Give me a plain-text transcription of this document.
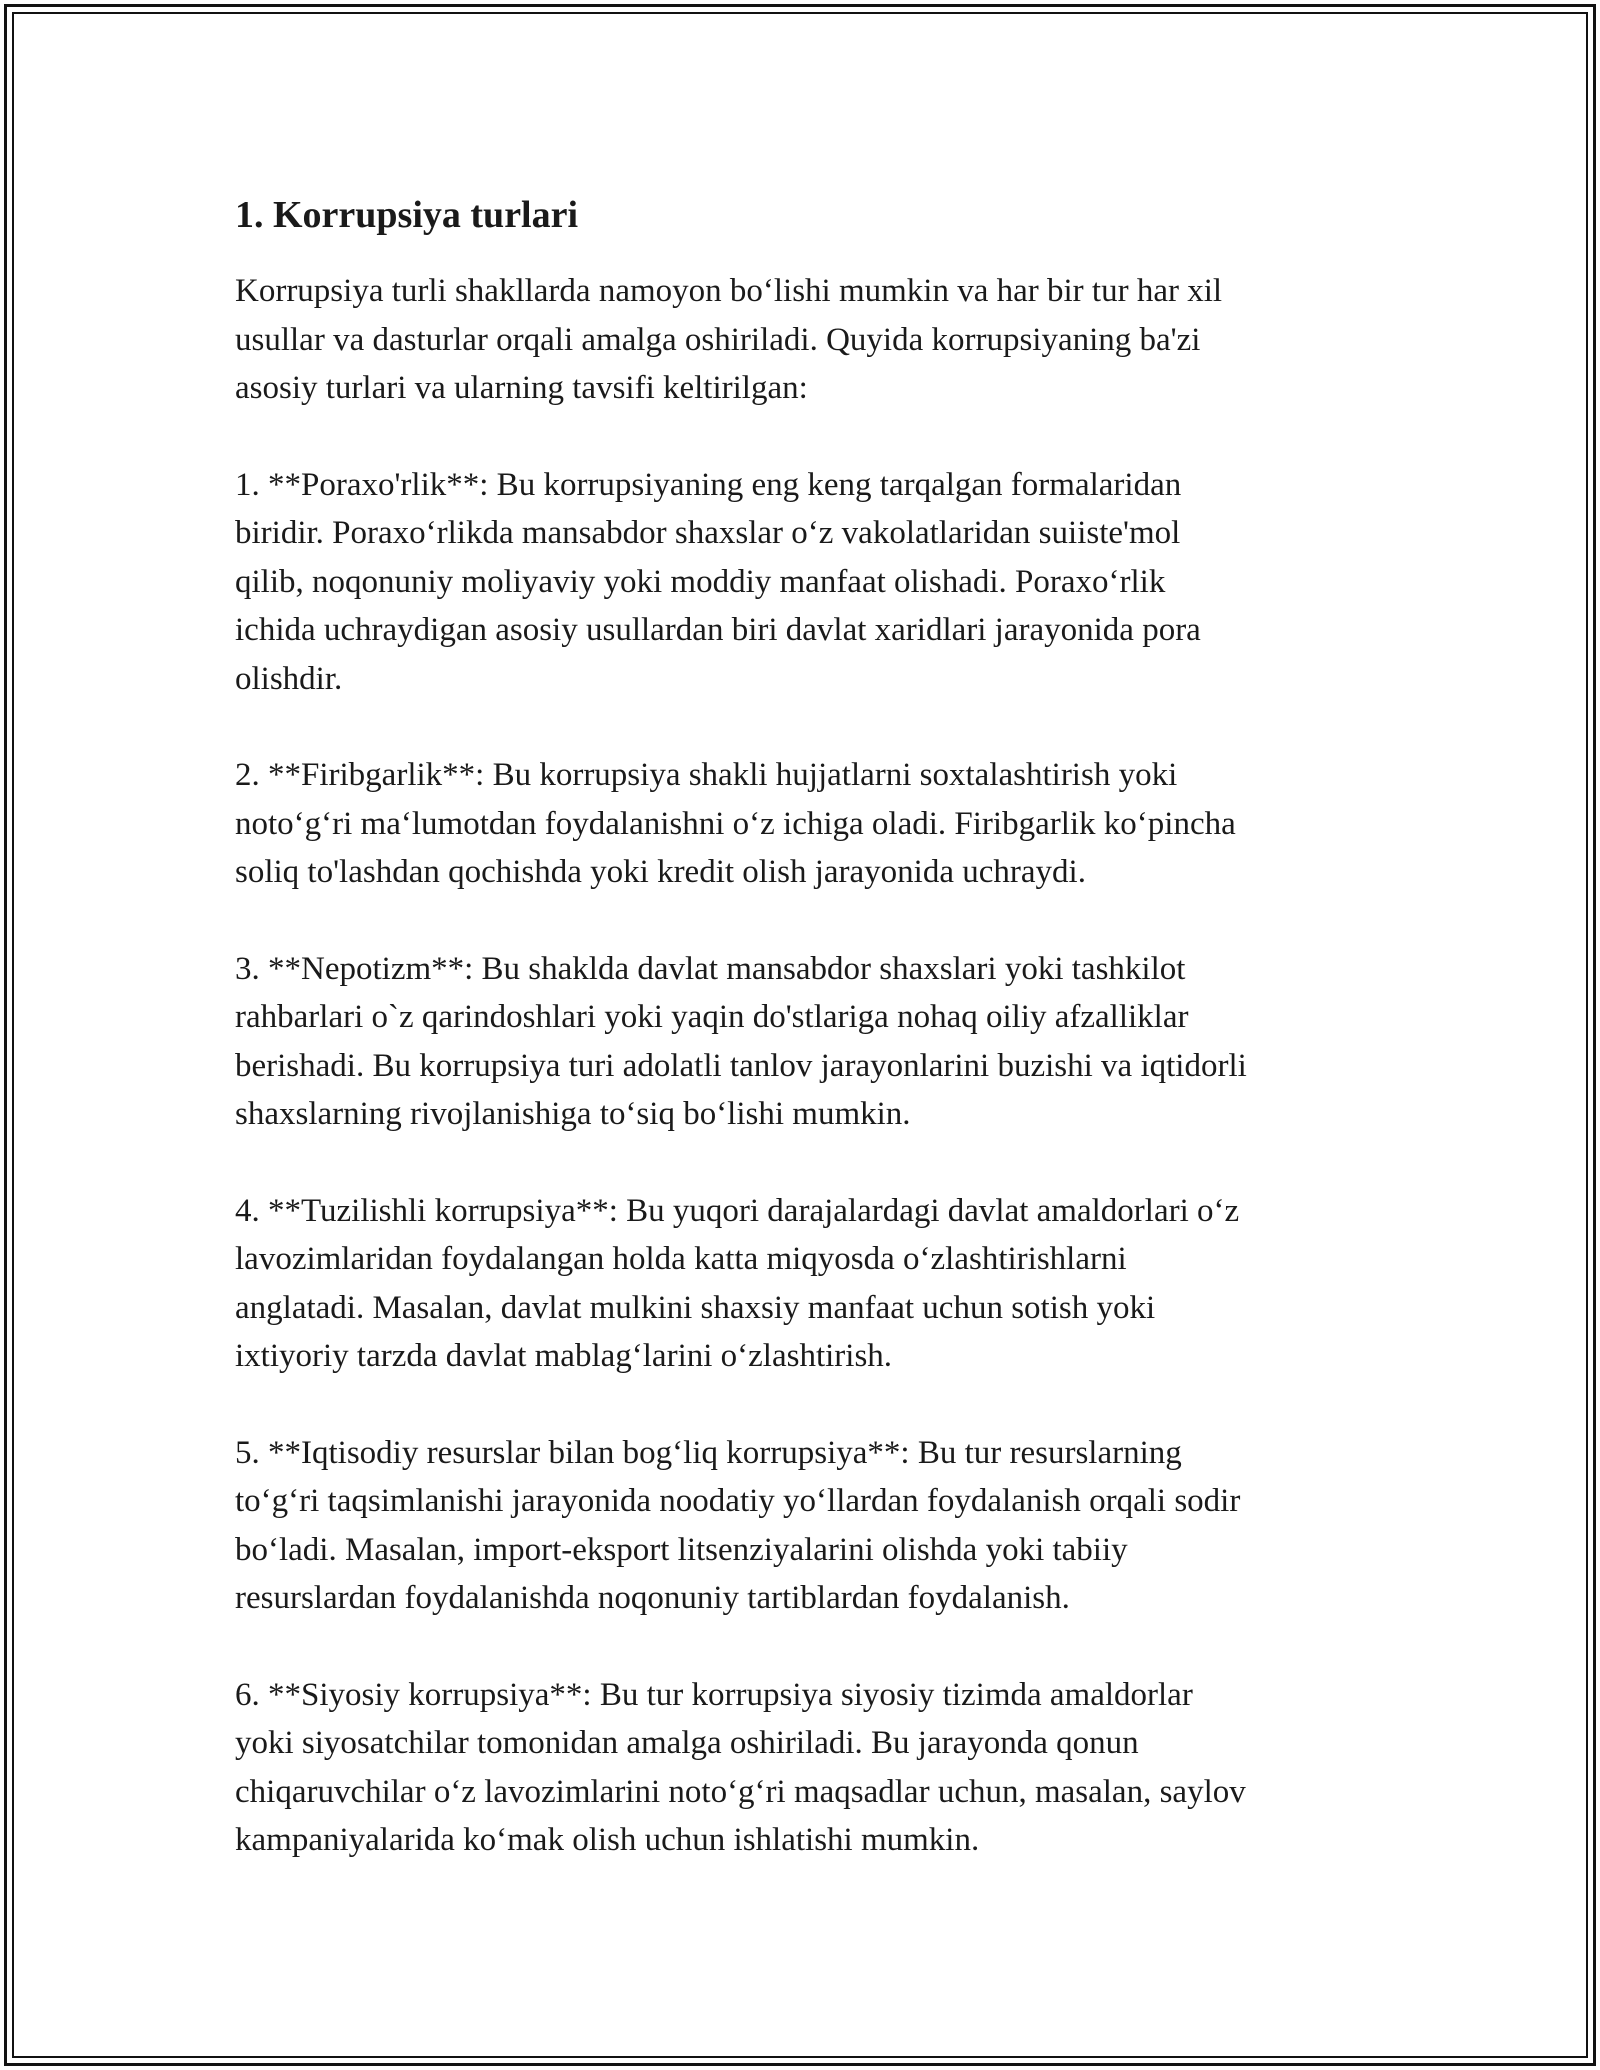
1. Korrupsiya turlari

Korrupsiya turli shakllarda namoyon bo‘lishi mumkin va har bir tur har xil
usullar va dasturlar orqali amalga oshiriladi. Quyida korrupsiyaning ba'zi
asosiy turlari va ularning tavsifi keltirilgan:

1. **Poraxo'rlik**: Bu korrupsiyaning eng keng tarqalgan formalaridan
biridir. Poraxo‘rlikda mansabdor shaxslar o‘z vakolatlaridan suiiste'mol
qilib, noqonuniy moliyaviy yoki moddiy manfaat olishadi. Poraxo‘rlik
ichida uchraydigan asosiy usullardan biri davlat xaridlari jarayonida pora
olishdir.

2. **Firibgarlik**: Bu korrupsiya shakli hujjatlarni soxtalashtirish yoki
noto‘g‘ri ma‘lumotdan foydalanishni o‘z ichiga oladi. Firibgarlik ko‘pincha
soliq to'lashdan qochishda yoki kredit olish jarayonida uchraydi.

3. **Nepotizm**: Bu shaklda davlat mansabdor shaxslari yoki tashkilot
rahbarlari o`z qarindoshlari yoki yaqin do'stlariga nohaq oiliy afzalliklar
berishadi. Bu korrupsiya turi adolatli tanlov jarayonlarini buzishi va iqtidorli
shaxslarning rivojlanishiga to‘siq bo‘lishi mumkin.

4. **Tuzilishli korrupsiya**: Bu yuqori darajalardagi davlat amaldorlari o‘z
lavozimlaridan foydalangan holda katta miqyosda o‘zlashtirishlarni
anglatadi. Masalan, davlat mulkini shaxsiy manfaat uchun sotish yoki
ixtiyoriy tarzda davlat mablag‘larini o‘zlashtirish.

5. **Iqtisodiy resurslar bilan bog‘liq korrupsiya**: Bu tur resurslarning
to‘g‘ri taqsimlanishi jarayonida noodatiy yo‘llardan foydalanish orqali sodir
bo‘ladi. Masalan, import-eksport litsenziyalarini olishda yoki tabiiy
resurslardan foydalanishda noqonuniy tartiblardan foydalanish.

6. **Siyosiy korrupsiya**: Bu tur korrupsiya siyosiy tizimda amaldorlar
yoki siyosatchilar tomonidan amalga oshiriladi. Bu jarayonda qonun
chiqaruvchilar o‘z lavozimlarini noto‘g‘ri maqsadlar uchun, masalan, saylov
kampaniyalarida ko‘mak olish uchun ishlatishi mumkin.
